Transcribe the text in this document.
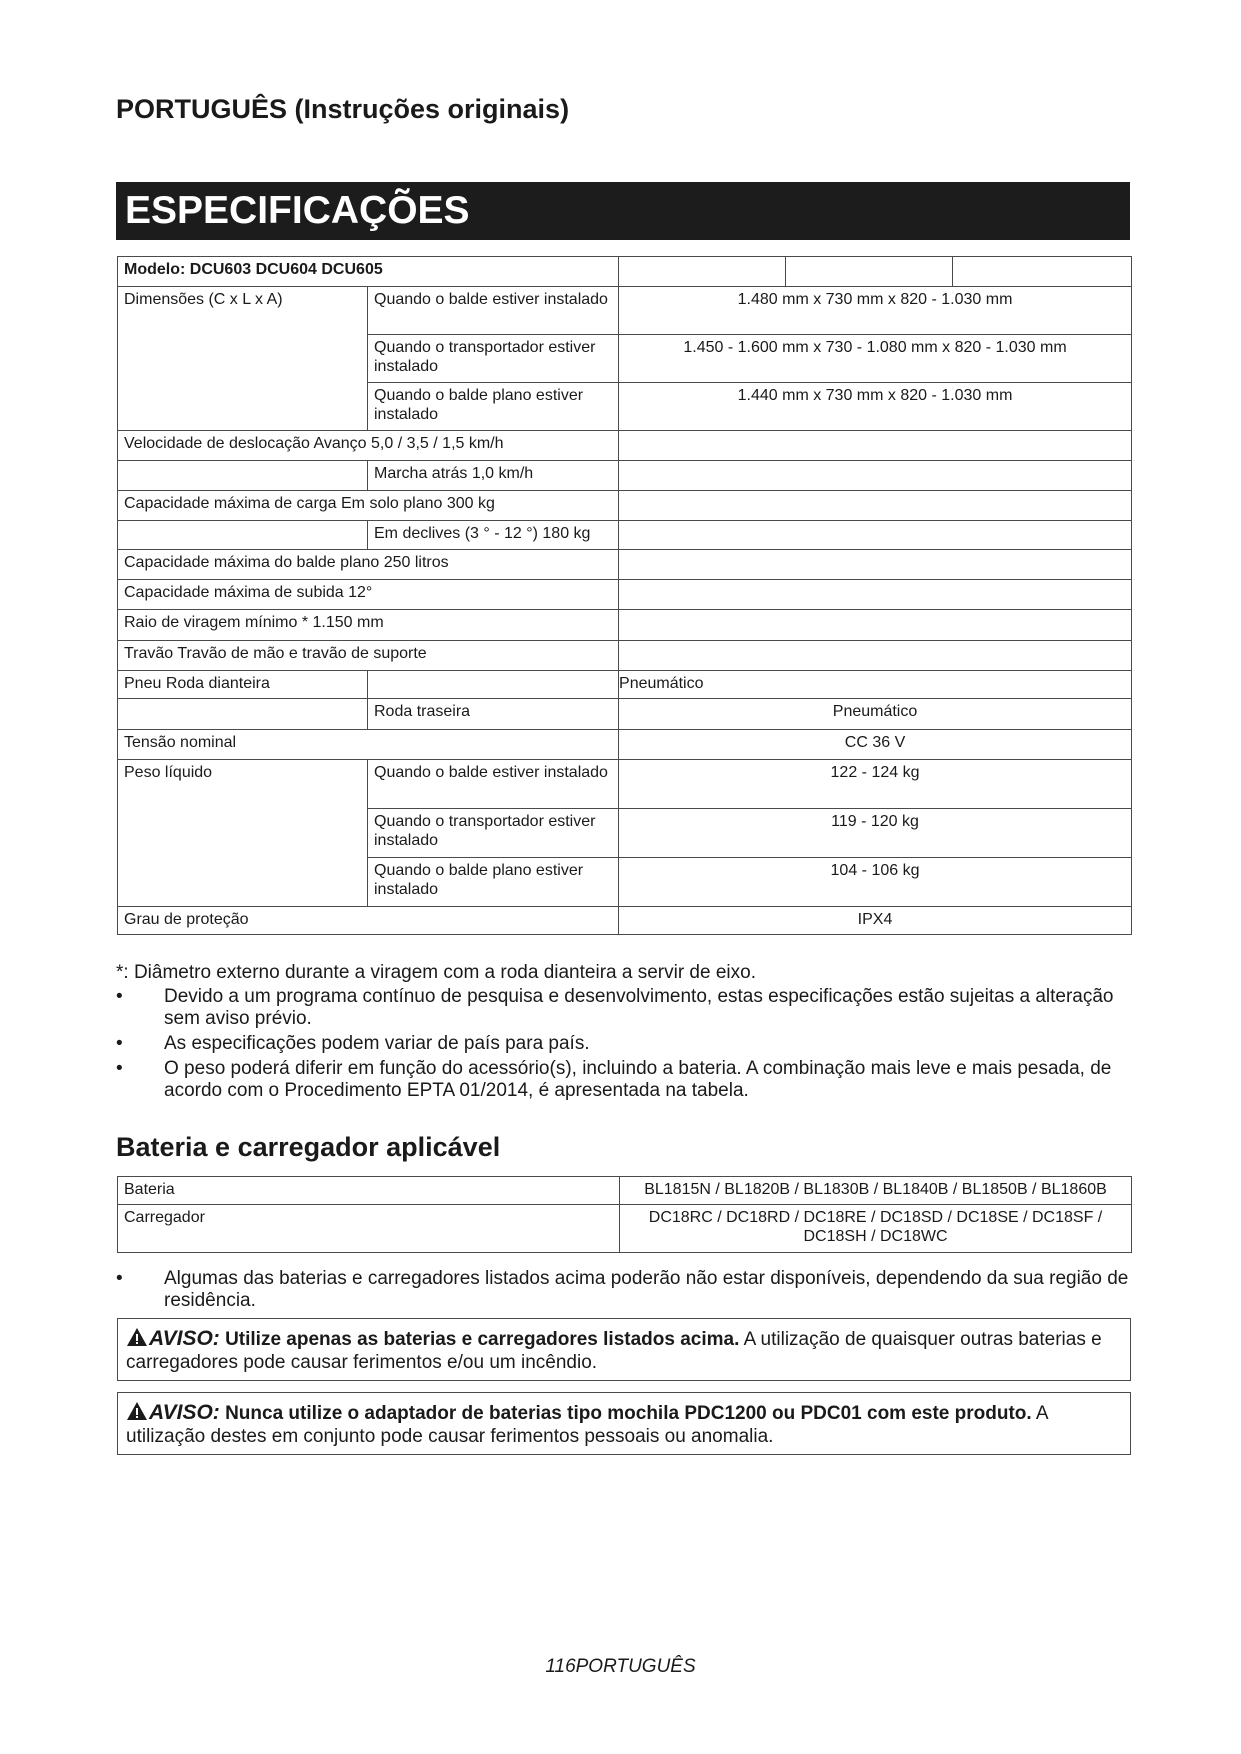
PORTUGUÊS (Instruções originais)
ESPECIFICAÇÕES
Modelo: DCU603 DCU604 DCU605				
Dimensões (C x L x A)	Quando o balde estiver instalado	1.480 mm x 730 mm x 820 - 1.030 mm		
	Quando o transportador estiver instalado	1.450 - 1.600 mm x 730 - 1.080 mm x 820 - 1.030 mm		
	Quando o balde plano estiver instalado	1.440 mm x 730 mm x 820 - 1.030 mm		
Velocidade de deslocação Avanço 5,0 / 3,5 / 1,5 km/h				
	Marcha atrás 1,0 km/h			
Capacidade máxima de carga Em solo plano 300 kg				
	Em declives (3 ° - 12 °) 180 kg			
Capacidade máxima do balde plano 250 litros				
Capacidade máxima de subida 12°				
Raio de viragem mínimo * 1.150 mm				
Travão Travão de mão e travão de suporte				
Pneu Roda dianteira		Pneumático		
	Roda traseira	Pneumático		
Tensão nominal		CC 36 V		
Peso líquido	Quando o balde estiver instalado	122 - 124 kg		
	Quando o transportador estiver instalado	119 - 120 kg		
	Quando o balde plano estiver instalado	104 - 106 kg		
Grau de proteção		IPX4		
*: Diâmetro externo durante a viragem com a roda dianteira a servir de eixo.
• Devido a um programa contínuo de pesquisa e desenvolvimento, estas especificações estão sujeitas a alteração sem aviso prévio.
• As especificações podem variar de país para país.
• O peso poderá diferir em função do acessório(s), incluindo a bateria. A combinação mais leve e mais pesada, de acordo com o Procedimento EPTA 01/2014, é apresentada na tabela.
Bateria e carregador aplicável
Bateria	BL1815N / BL1820B / BL1830B / BL1840B / BL1850B / BL1860B
Carregador	DC18RC / DC18RD / DC18RE / DC18SD / DC18SE / DC18SF / DC18SH / DC18WC
• Algumas das baterias e carregadores listados acima poderão não estar disponíveis, dependendo da sua região de residência.
AVISO: Utilize apenas as baterias e carregadores listados acima. A utilização de quaisquer outras baterias e carregadores pode causar ferimentos e/ou um incêndio.
AVISO: Nunca utilize o adaptador de baterias tipo mochila PDC1200 ou PDC01 com este produto. A utilização destes em conjunto pode causar ferimentos pessoais ou anomalia.
116PORTUGUÊS
